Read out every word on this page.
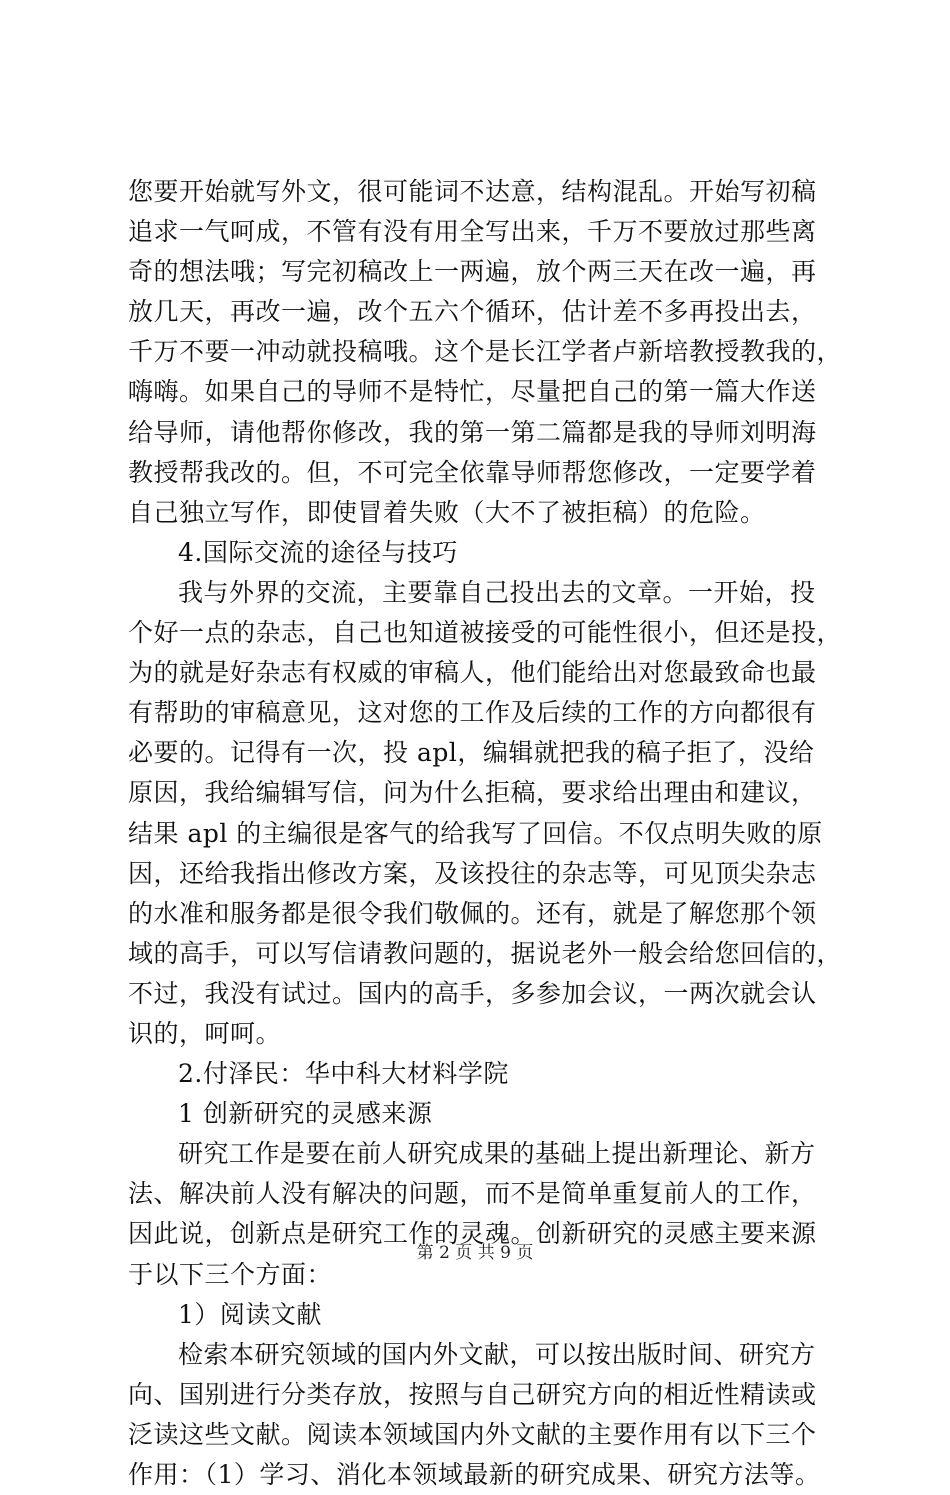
您要开始就写外文，很可能词不达意，结构混乱。开始写初稿
追求一气呵成，不管有没有用全写出来，千万不要放过那些离
奇的想法哦；写完初稿改上一两遍，放个两三天在改一遍，再
放几天，再改一遍，改个五六个循环，估计差不多再投出去，
千万不要一冲动就投稿哦。这个是长江学者卢新培教授教我的，
嗨嗨。如果自己的导师不是特忙，尽量把自己的第一篇大作送
给导师，请他帮你修改，我的第一第二篇都是我的导师刘明海
教授帮我改的。但，不可完全依靠导师帮您修改，一定要学着
自己独立写作，即使冒着失败（大不了被拒稿）的危险。
4.国际交流的途径与技巧
我与外界的交流，主要靠自己投出去的文章。一开始，投
个好一点的杂志，自己也知道被接受的可能性很小，但还是投，
为的就是好杂志有权威的审稿人，他们能给出对您最致命也最
有帮助的审稿意见，这对您的工作及后续的工作的方向都很有
必要的。记得有一次，投 apl，编辑就把我的稿子拒了，没给
原因，我给编辑写信，问为什么拒稿，要求给出理由和建议，
结果 apl 的主编很是客气的给我写了回信。不仅点明失败的原
因，还给我指出修改方案，及该投往的杂志等，可见顶尖杂志
的水准和服务都是很令我们敬佩的。还有，就是了解您那个领
域的高手，可以写信请教问题的，据说老外一般会给您回信的，
不过，我没有试过。国内的高手，多参加会议，一两次就会认
识的，呵呵。
2.付泽民：华中科大材料学院
1 创新研究的灵感来源
研究工作是要在前人研究成果的基础上提出新理论、新方
法、解决前人没有解决的问题，而不是简单重复前人的工作，
因此说，创新点是研究工作的灵魂。创新研究的灵感主要来源
于以下三个方面：
1）阅读文献
检索本研究领域的国内外文献，可以按出版时间、研究方
向、国别进行分类存放，按照与自己研究方向的相近性精读或
泛读这些文献。阅读本领域国内外文献的主要作用有以下三个
作用：（1）学习、消化本领域最新的研究成果、研究方法等。
第 2 页 共 9 页
